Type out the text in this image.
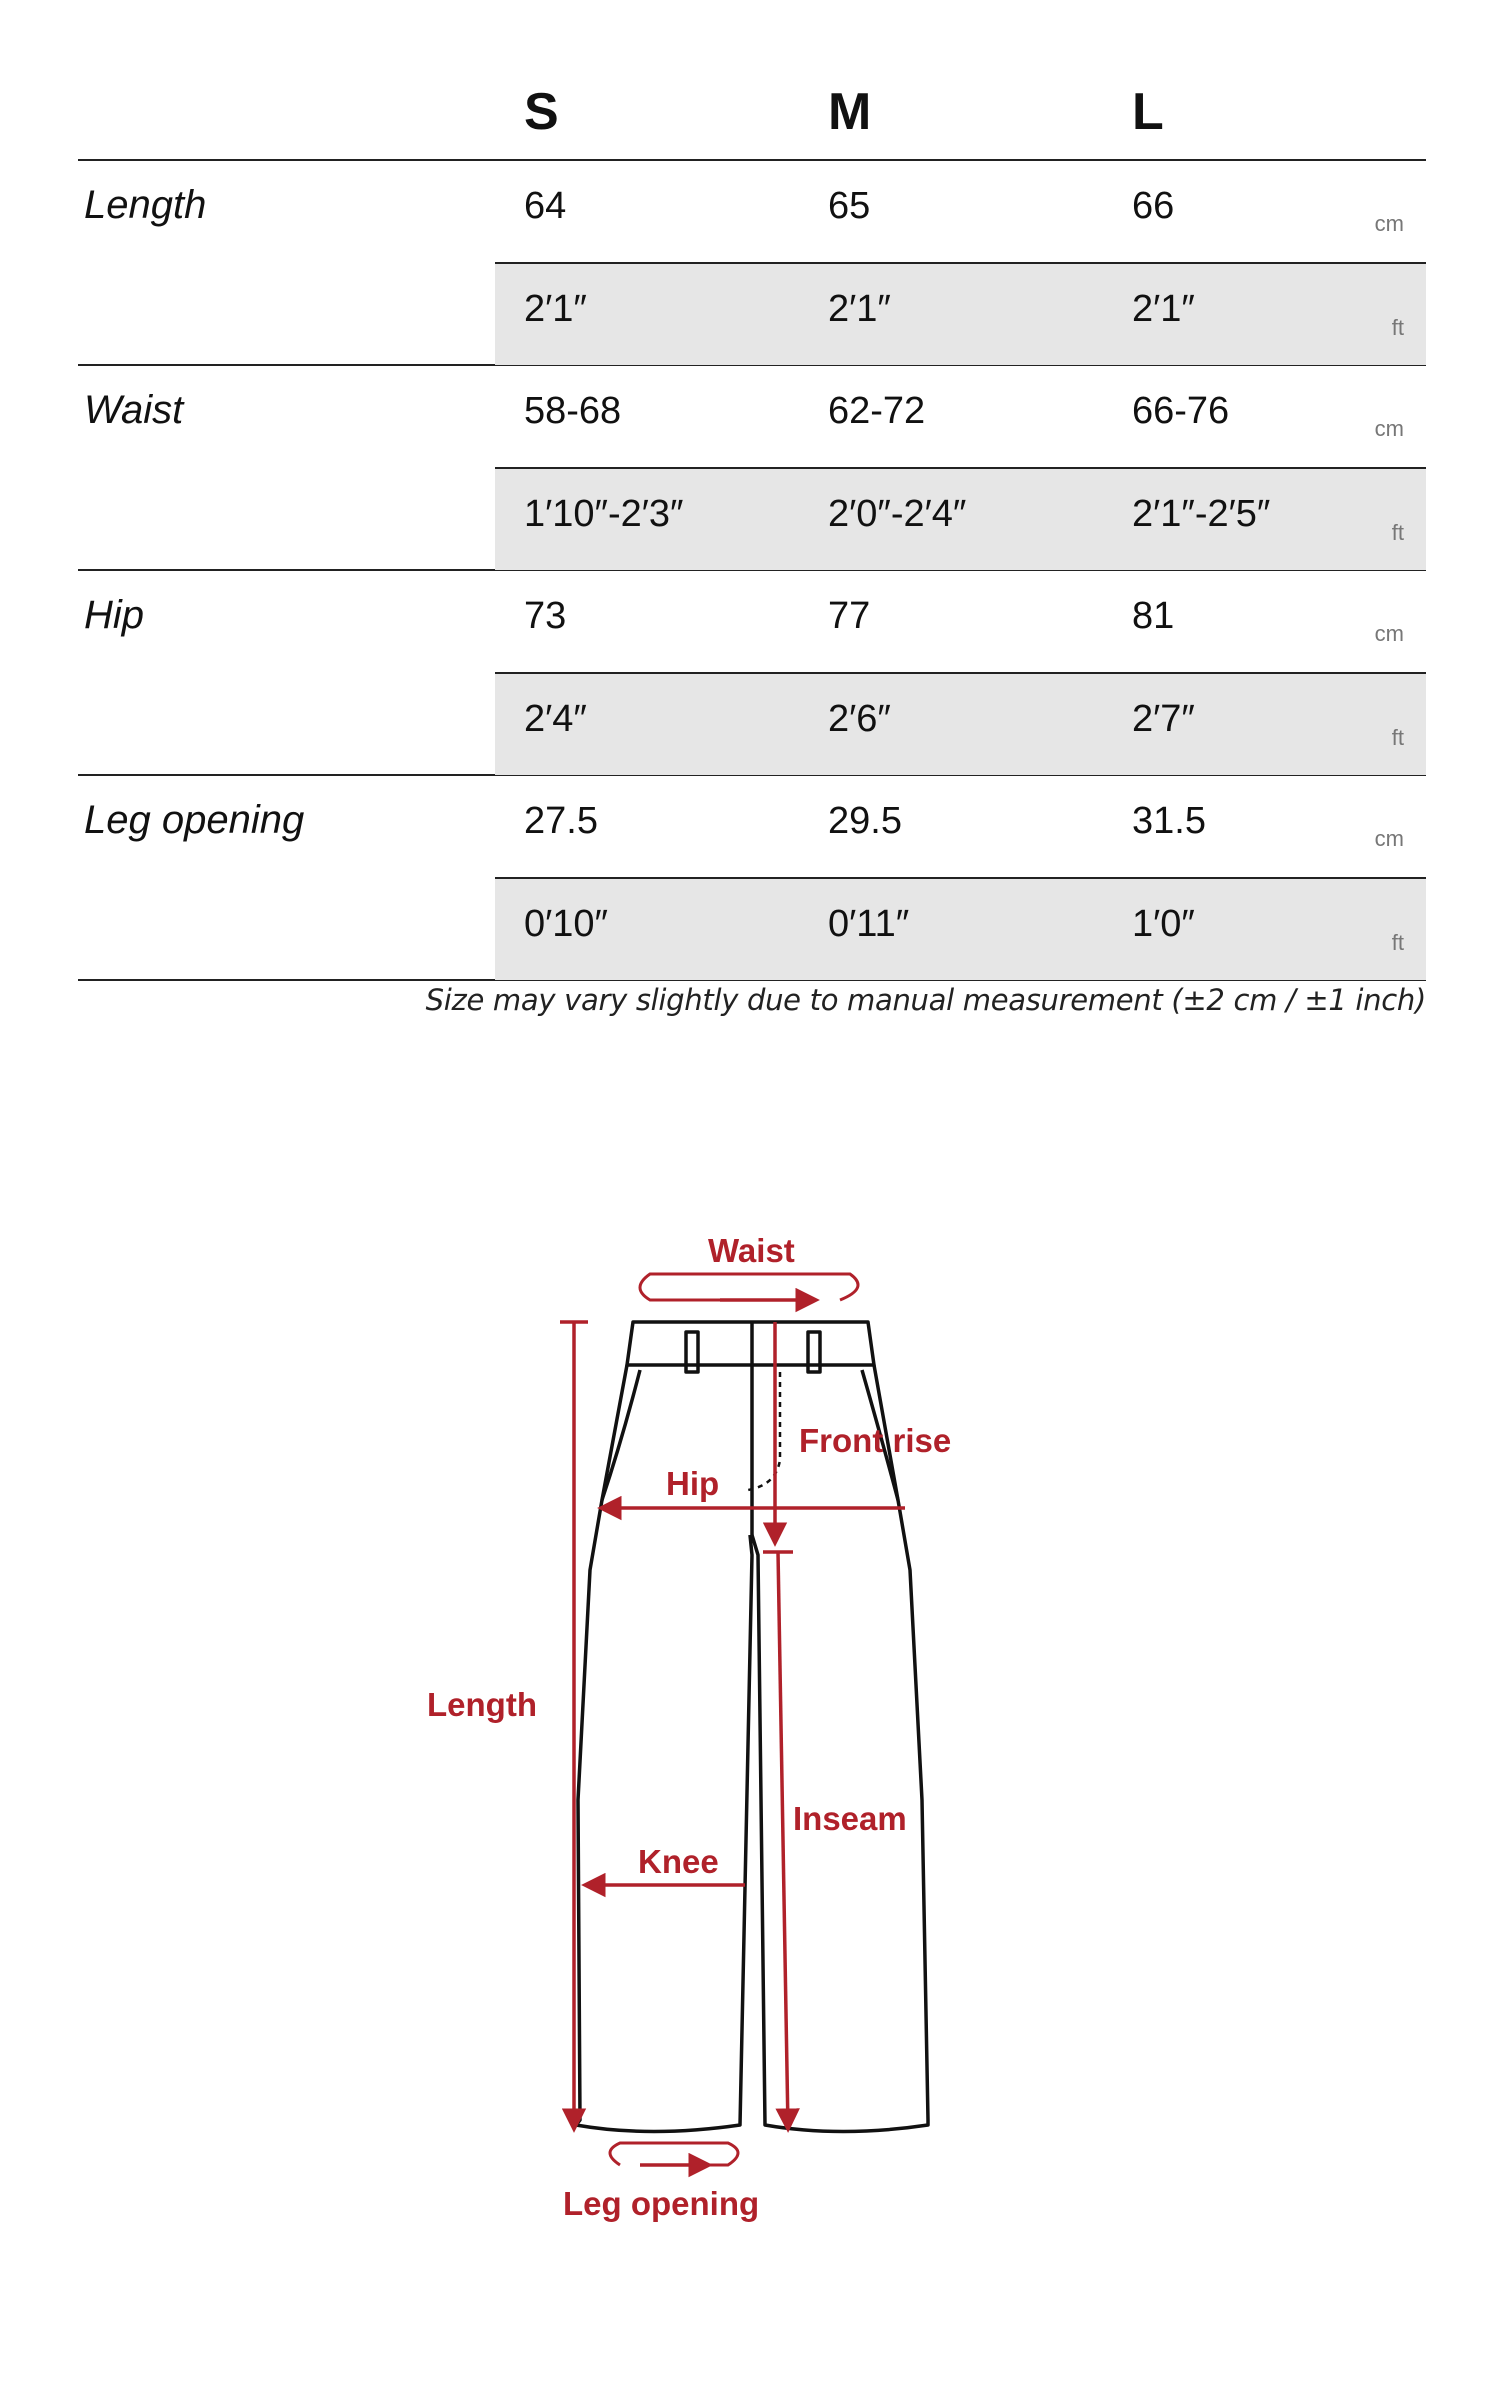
S	M	L
Length	64	65	66	cm
2′1″	2′1″	2′1″	ft
Waist	58-68	62-72	66-76	cm
1′10″-2′3″	2′0″-2′4″	2′1″-2′5″	ft
Hip	73	77	81	cm
2′4″	2′6″	2′7″	ft
Leg opening	27.5	29.5	31.5	cm
0′10″	0′11″	1′0″	ft
Size may vary slightly due to manual measurement (±2 cm / ±1 inch)
Waist
Front rise
Hip
Length
Inseam
Knee
Leg opening
